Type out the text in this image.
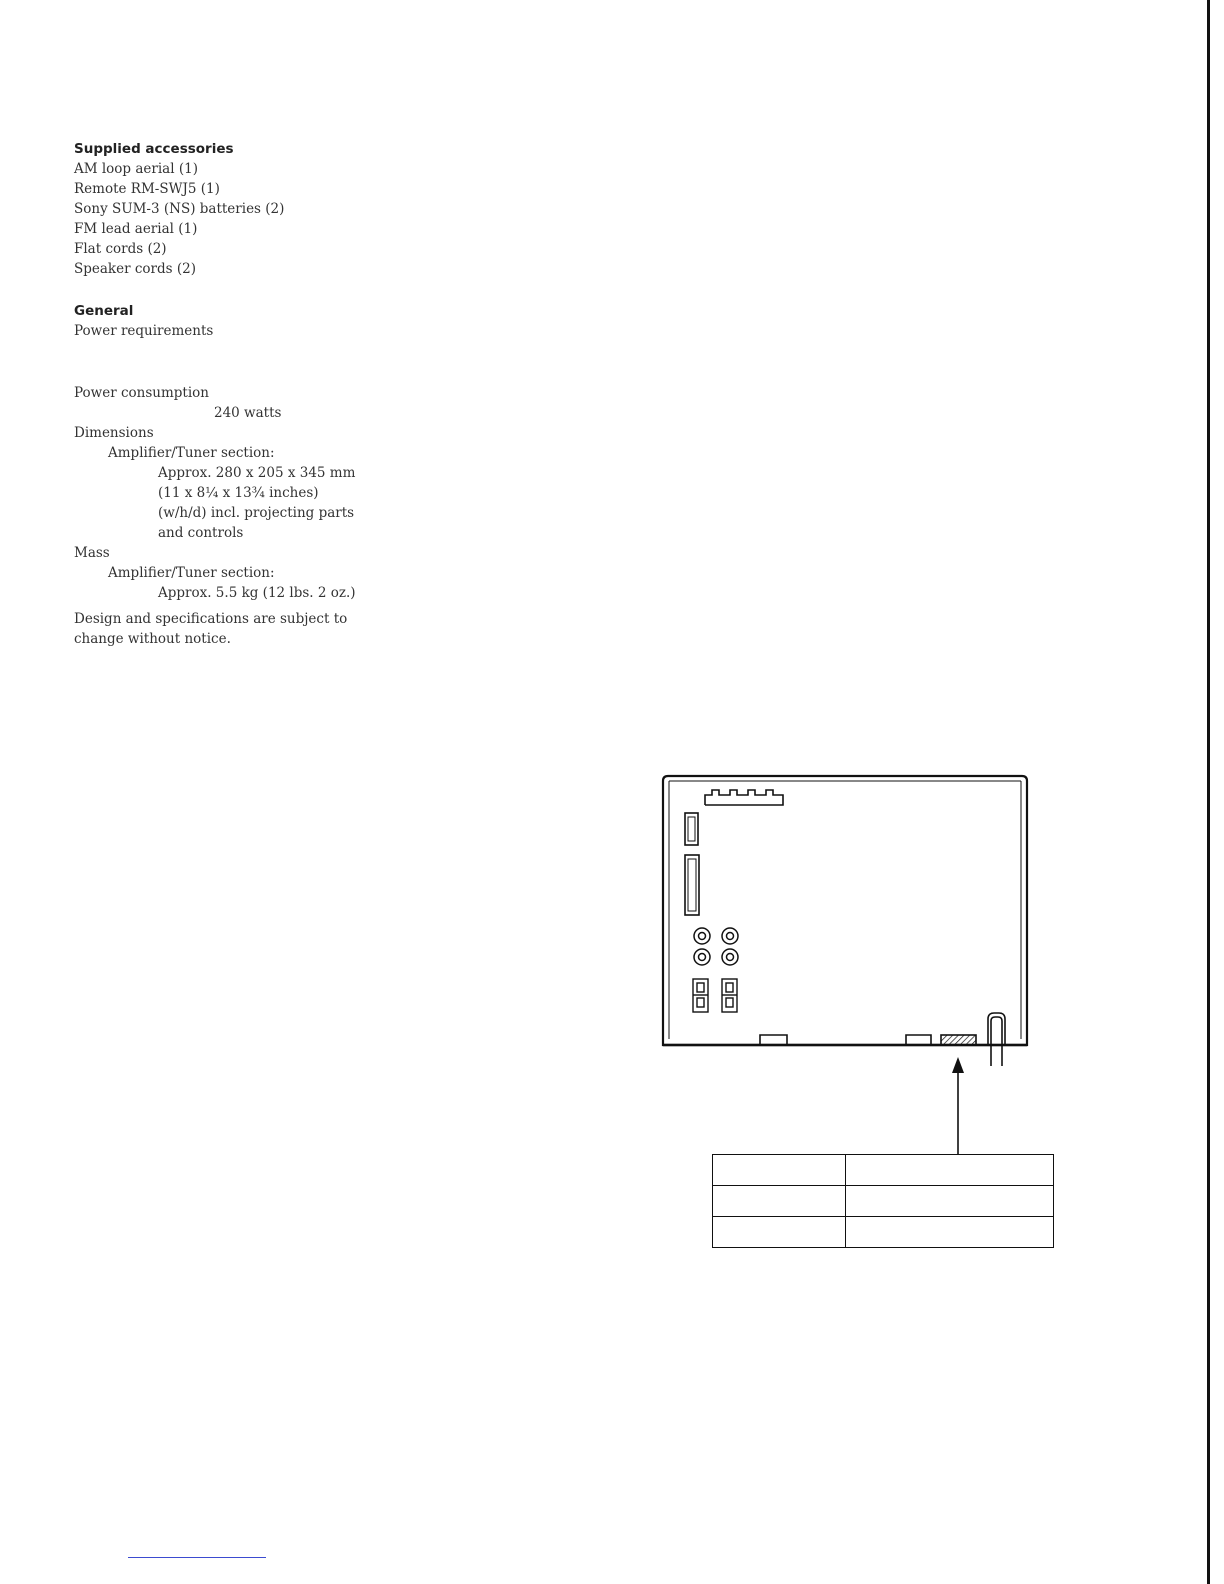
Supplied accessories
AM loop aerial (1)
Remote RM-SWJ5 (1)
Sony SUM-3 (NS) batteries (2)
FM lead aerial (1)
Flat cords (2)
Speaker cords (2)
General
Power requirements
Power consumption
240 watts
Dimensions
Amplifier/Tuner section:
Approx. 280 x 205 x 345 mm
(11 x 8¼ x 13¾ inches)
(w/h/d) incl. projecting parts
and controls
Mass
Amplifier/Tuner section:
Approx. 5.5 kg (12 lbs. 2 oz.)
Design and specifications are subject to change without notice.
